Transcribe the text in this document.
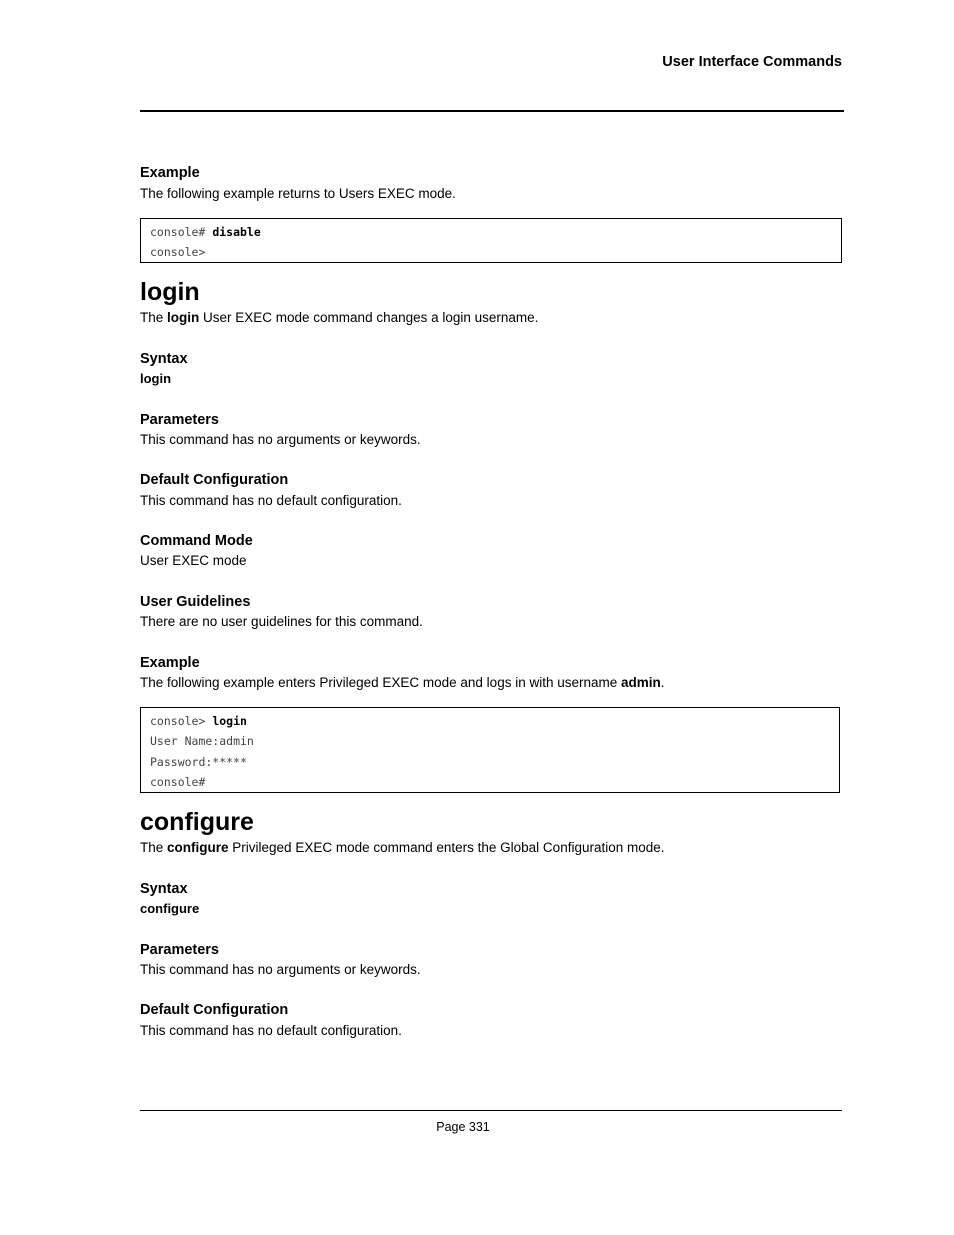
User Interface Commands
Example
The following example returns to Users EXEC mode.
console# disable
console>
login
The login User EXEC mode command changes a login username.
Syntax
login
Parameters
This command has no arguments or keywords.
Default Configuration
This command has no default configuration.
Command Mode
User EXEC mode
User Guidelines
There are no user guidelines for this command.
Example
The following example enters Privileged EXEC mode and logs in with username admin.
console> login
User Name:admin
Password:*****
console#
configure
The configure Privileged EXEC mode command enters the Global Configuration mode.
Syntax
configure
Parameters
This command has no arguments or keywords.
Default Configuration
This command has no default configuration.
Page 331
